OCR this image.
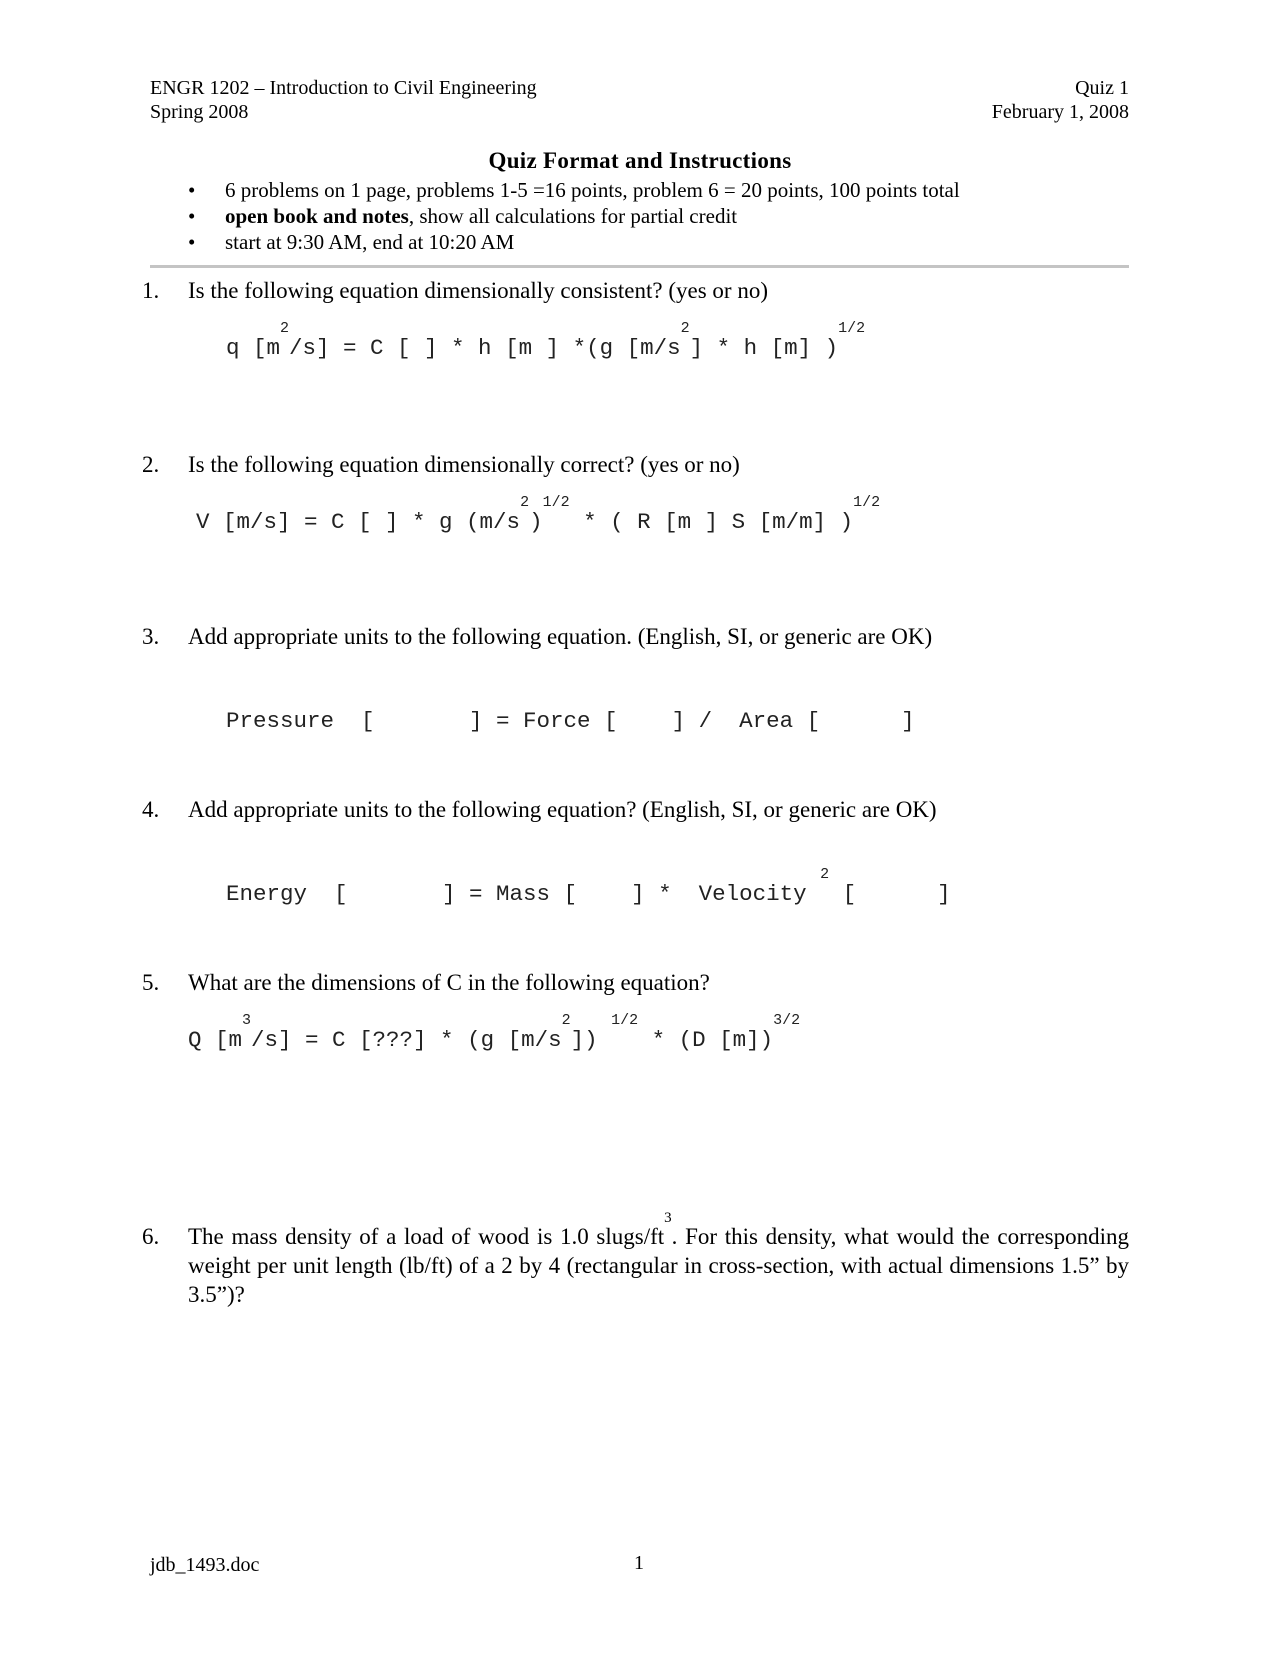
ENGR 1202 – Introduction to Civil Engineering
Spring 2008
Quiz 1
February 1, 2008
Quiz Format and Instructions
• 6 problems on 1 page, problems 1-5 =16 points, problem 6 = 20 points, 100 points total
• open book and notes, show all calculations for partial credit
• start at 9:30 AM, end at 10:20 AM
1. Is the following equation dimensionally consistent? (yes or no)
q $[m^2/s] = C$ [ ] * h [m ] *(g $[m/s^2]$ * h [m] )$^{1/2}$
2. Is the following equation dimensionally correct? (yes or no)
V [m/s] = C [ ] * g $(m/s^2)^{1/2}$ * ( R [m ] S [m/m] )$^{1/2}$
3. Add appropriate units to the following equation. (English, SI, or generic are OK)
Pressure  [       ] = Force [    ] /  Area [      ]
4. Add appropriate units to the following equation? (English, SI, or generic are OK)
Energy  [       ] = Mass [    ] *  Velocity $^2$ [      ]
5. What are the dimensions of C in the following equation?
Q $[m^3/s] = C$ [???] * (g $[m/s^2]$) $^{1/2}$ * (D [m])$^{3/2}$
6. The mass density of a load of wood is 1.0 slugs/$ft^3$. For this density, what would the corresponding weight per unit length (lb/ft) of a 2 by 4 (rectangular in cross-section, with actual dimensions 1.5” by 3.5”)?
jdb_1493.doc	1
